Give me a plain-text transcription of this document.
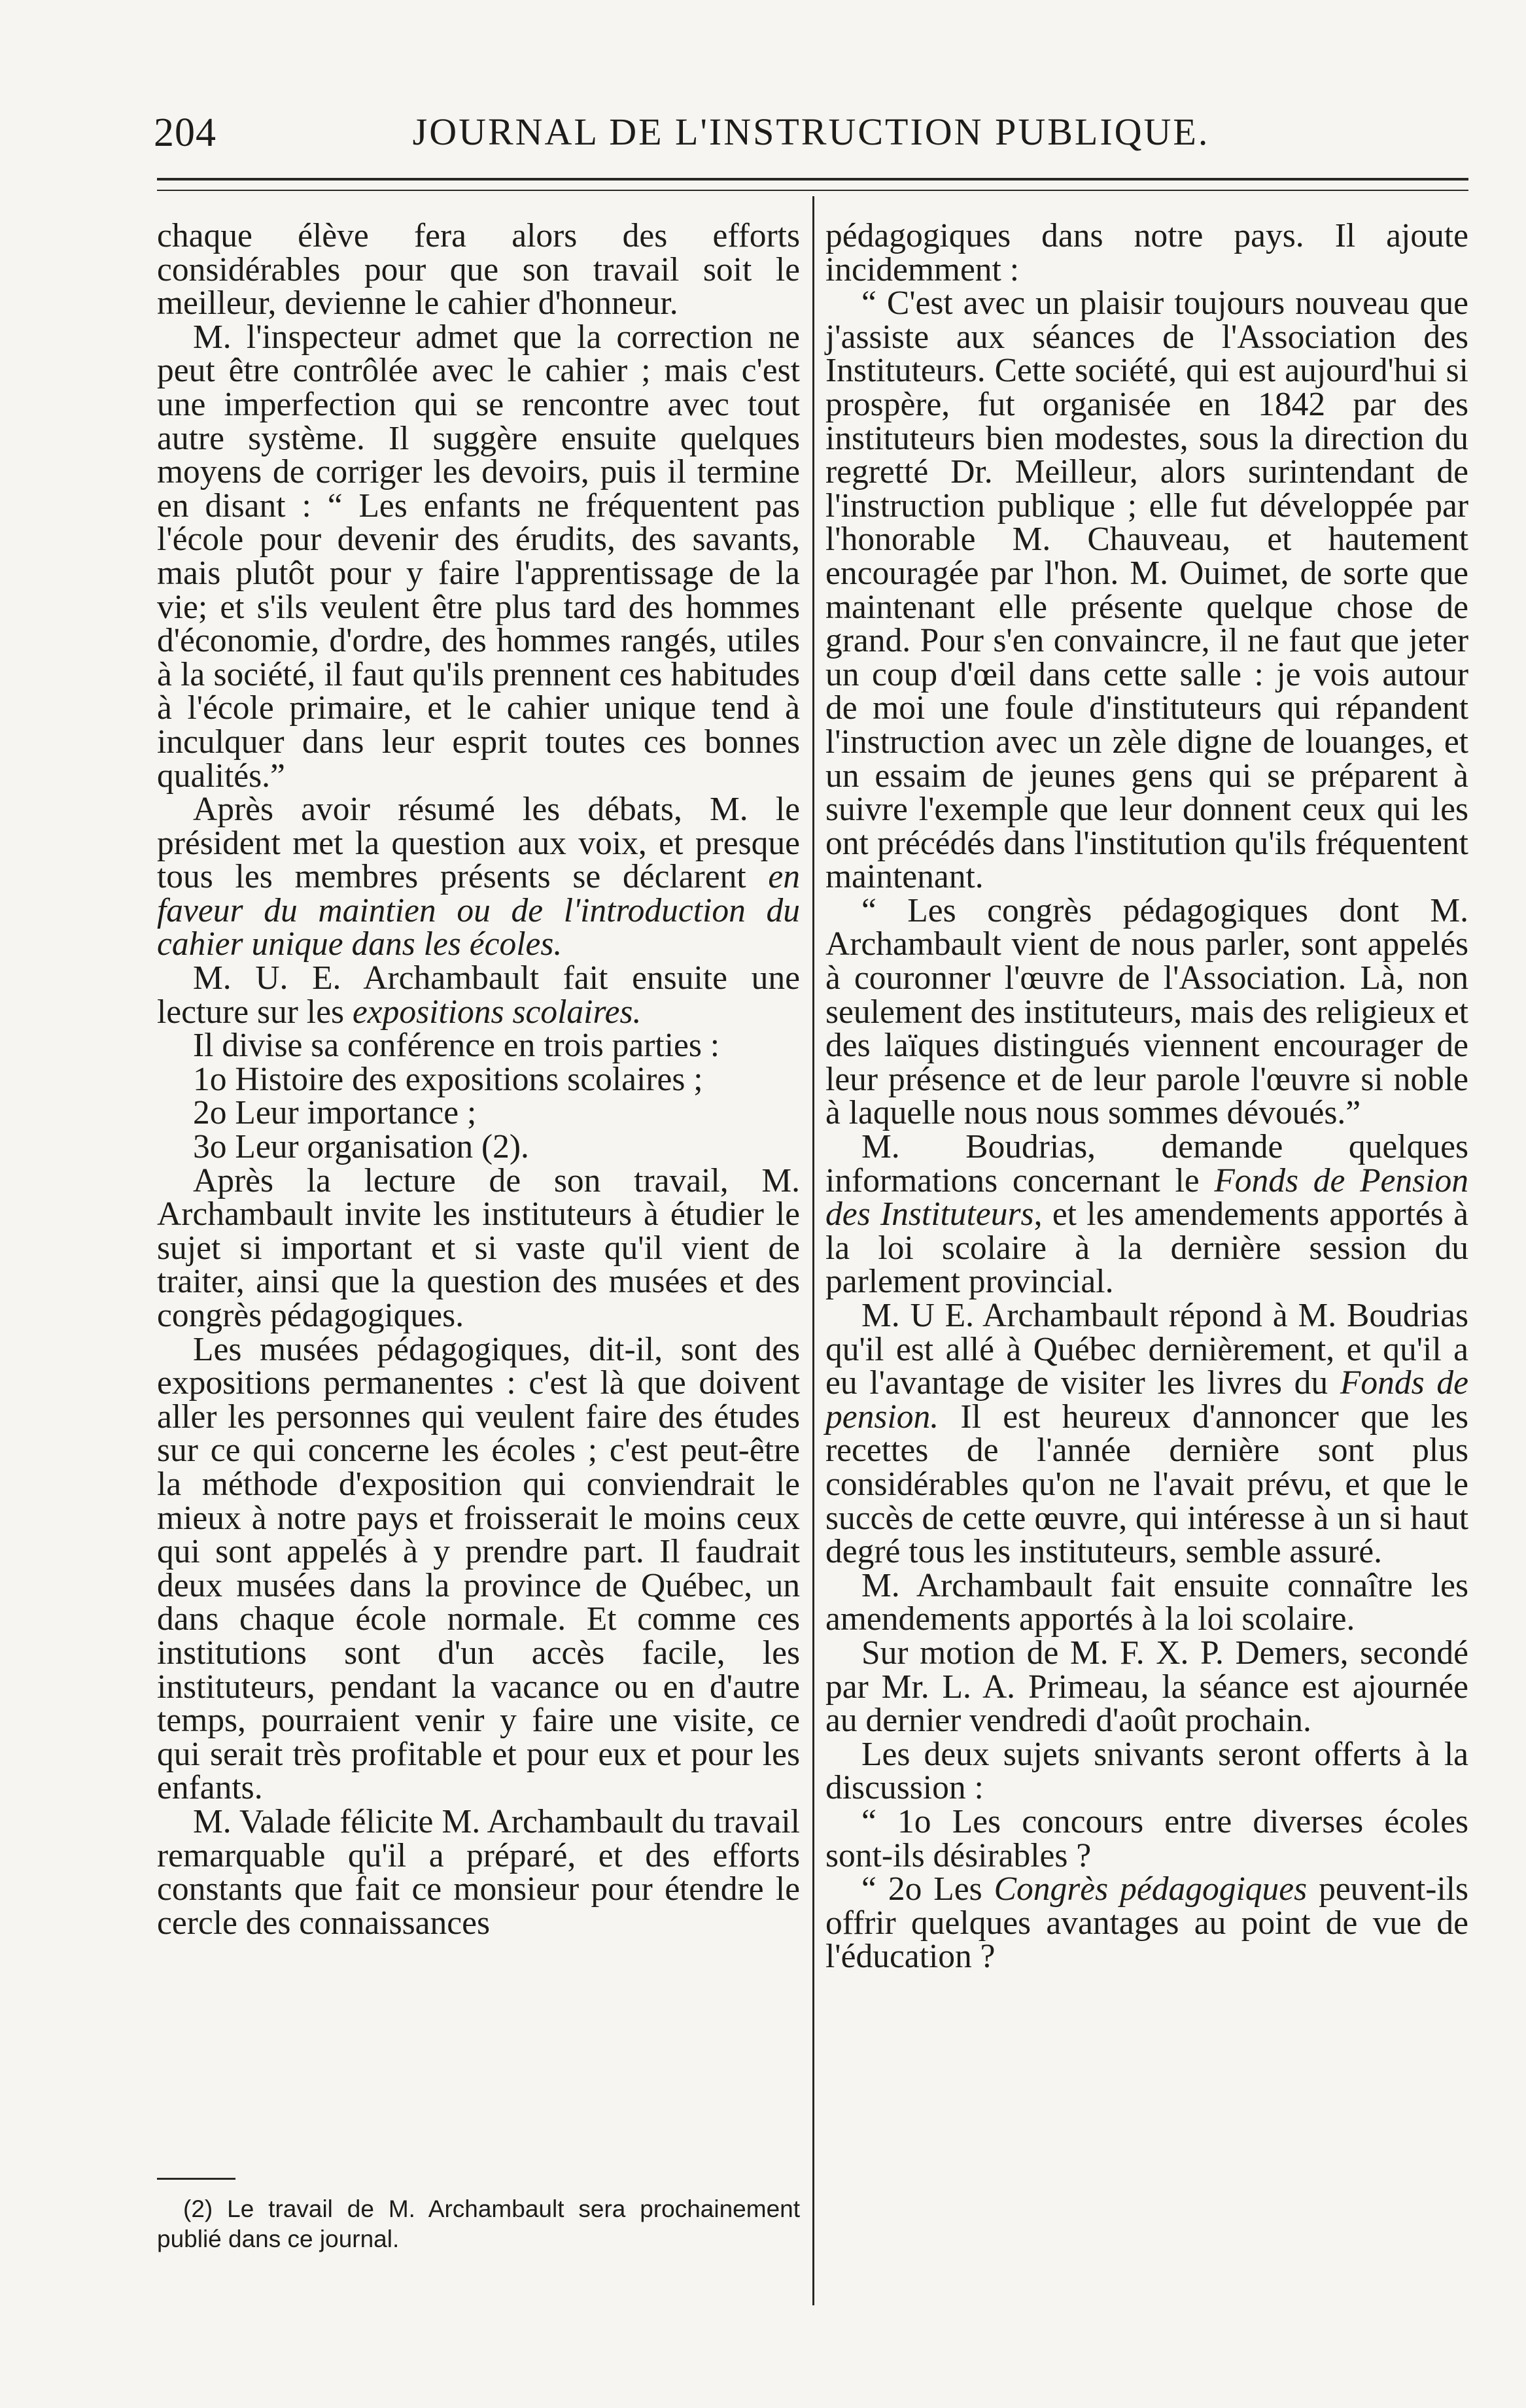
204	JOURNAL DE L'INSTRUCTION PUBLIQUE.

chaque élève fera alors des efforts considérables pour que son travail soit le meilleur, devienne le cahier d'honneur.

M. l'inspecteur admet que la correction ne peut être contrôlée avec le cahier ; mais c'est une imperfection qui se rencontre avec tout autre système. Il suggère ensuite quelques moyens de corriger les devoirs, puis il termine en disant : “ Les enfants ne fréquentent pas l'école pour devenir des érudits, des savants, mais plutôt pour y faire l'apprentissage de la vie; et s'ils veulent être plus tard des hommes d'économie, d'ordre, des hommes rangés, utiles à la société, il faut qu'ils prennent ces habitudes à l'école primaire, et le cahier unique tend à inculquer dans leur esprit toutes ces bonnes qualités.”

Après avoir résumé les débats, M. le président met la question aux voix, et presque tous les membres présents se déclarent en faveur du maintien ou de l'introduction du cahier unique dans les écoles.

M. U. E. Archambault fait ensuite une lecture sur les expositions scolaires.

Il divise sa conférence en trois parties :

1o Histoire des expositions scolaires ;

2o Leur importance ;

3o Leur organisation (2).

Après la lecture de son travail, M. Archambault invite les instituteurs à étudier le sujet si important et si vaste qu'il vient de traiter, ainsi que la question des musées et des congrès pédagogiques.

Les musées pédagogiques, dit-il, sont des expositions permanentes : c'est là que doivent aller les personnes qui veulent faire des études sur ce qui concerne les écoles ; c'est peut-être la méthode d'exposition qui conviendrait le mieux à notre pays et froisserait le moins ceux qui sont appelés à y prendre part. Il faudrait deux musées dans la province de Québec, un dans chaque école normale. Et comme ces institutions sont d'un accès facile, les instituteurs, pendant la vacance ou en d'autre temps, pourraient venir y faire une visite, ce qui serait très profitable et pour eux et pour les enfants.

M. Valade félicite M. Archambault du travail remarquable qu'il a préparé, et des efforts constants que fait ce monsieur pour étendre le cercle des connaissances

(2) Le travail de M. Archambault sera prochainement publié dans ce journal.

pédagogiques dans notre pays. Il ajoute incidemment :

“ C'est avec un plaisir toujours nouveau que j'assiste aux séances de l'Association des Instituteurs. Cette société, qui est aujourd'hui si prospère, fut organisée en 1842 par des instituteurs bien modestes, sous la direction du regretté Dr. Meilleur, alors surintendant de l'instruction publique ; elle fut développée par l'honorable M. Chauveau, et hautement encouragée par l'hon. M. Ouimet, de sorte que maintenant elle présente quelque chose de grand. Pour s'en convaincre, il ne faut que jeter un coup d'œil dans cette salle : je vois autour de moi une foule d'instituteurs qui répandent l'instruction avec un zèle digne de louanges, et un essaim de jeunes gens qui se préparent à suivre l'exemple que leur donnent ceux qui les ont précédés dans l'institution qu'ils fréquentent maintenant.

“ Les congrès pédagogiques dont M. Archambault vient de nous parler, sont appelés à couronner l'œuvre de l'Association. Là, non seulement des instituteurs, mais des religieux et des laïques distingués viennent encourager de leur présence et de leur parole l'œuvre si noble à laquelle nous nous sommes dévoués.”

M. Boudrias, demande quelques informations concernant le Fonds de Pension des Instituteurs, et les amendements apportés à la loi scolaire à la dernière session du parlement provincial.

M. U E. Archambault répond à M. Boudrias qu'il est allé à Québec dernièrement, et qu'il a eu l'avantage de visiter les livres du Fonds de pension. Il est heureux d'annoncer que les recettes de l'année dernière sont plus considérables qu'on ne l'avait prévu, et que le succès de cette œuvre, qui intéresse à un si haut degré tous les instituteurs, semble assuré.

M. Archambault fait ensuite connaître les amendements apportés à la loi scolaire.

Sur motion de M. F. X. P. Demers, secondé par Mr. L. A. Primeau, la séance est ajournée au dernier vendredi d'août prochain.

Les deux sujets snivants seront offerts à la discussion :

“ 1o Les concours entre diverses écoles sont-ils désirables ?

“ 2o Les Congrès pédagogiques peuvent-ils offrir quelques avantages au point de vue de l'éducation ?
